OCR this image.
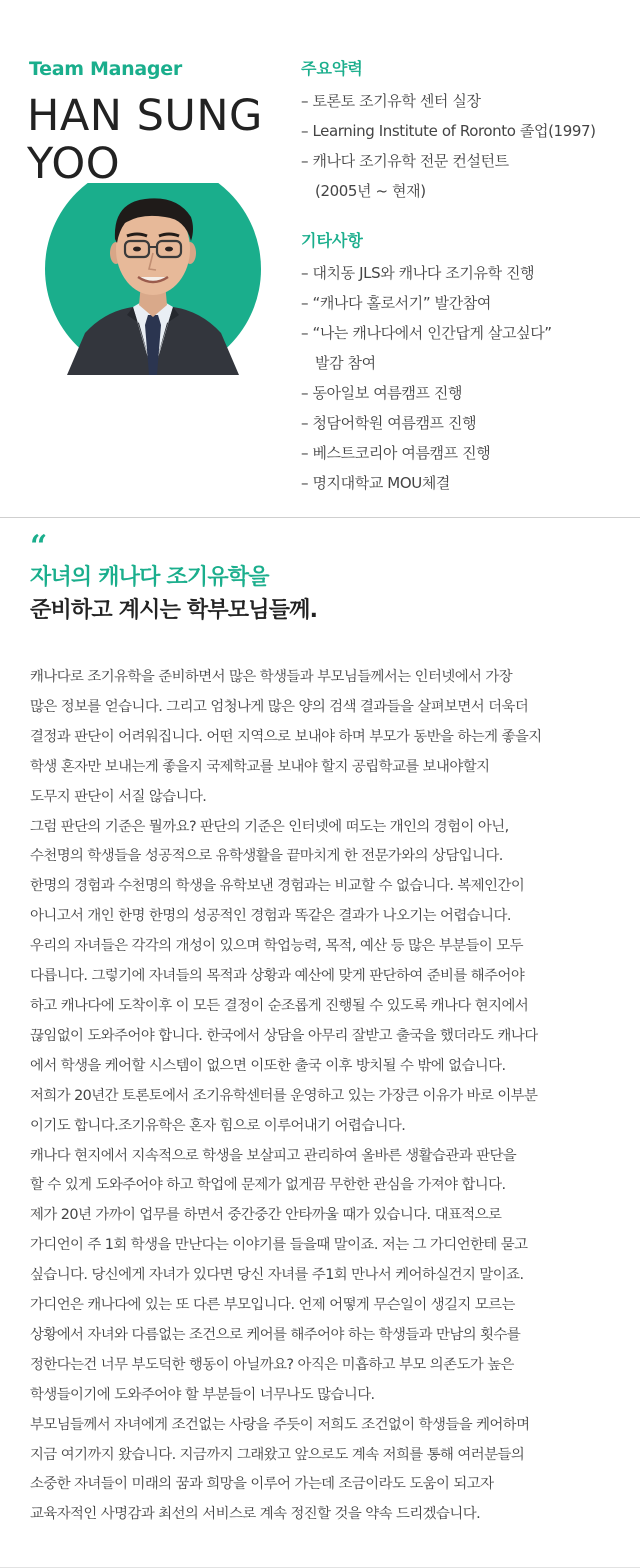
Team Manager
HAN SUNG
YOO
주요약력
– 토론토 조기유학 센터 실장
– Learning Institute of Roronto 졸업(1997)
– 캐나다 조기유학 전문 컨설턴트
(2005년 ~ 현재)
기타사항
– 대치동 JLS와 캐나다 조기유학 진행
– “캐나다 홀로서기” 발간참여
– “나는 캐나다에서 인간답게 살고싶다”
발감 참여
– 동아일보 여름캠프 진행
– 청담어학원 여름캠프 진행
– 베스트코리아 여름캠프 진행
– 명지대학교 MOU체결
“
자녀의 캐나다 조기유학을
준비하고 계시는 학부모님들께.

캐나다로 조기유학을 준비하면서 많은 학생들과 부모님들께서는 인터넷에서 가장

많은 정보를 얻습니다. 그리고 엄청나게 많은 양의 검색 결과들을 살펴보면서 더욱더

결정과 판단이 어려워집니다. 어떤 지역으로 보내야 하며 부모가 동반을 하는게 좋을지

학생 혼자만 보내는게 좋을지 국제학교를 보내야 할지 공립학교를 보내야할지

도무지 판단이 서질 않습니다.

그럼 판단의 기준은 뭘까요? 판단의 기준은 인터넷에 떠도는 개인의 경험이 아닌,

수천명의 학생들을 성공적으로 유학생활을 끝마치게 한 전문가와의 상담입니다.

한명의 경험과 수천명의 학생을 유학보낸 경험과는 비교할 수 없습니다. 복제인간이

아니고서 개인 한명 한명의 성공적인 경험과 똑같은 결과가 나오기는 어렵습니다.

우리의 자녀들은 각각의 개성이 있으며 학업능력, 목적, 예산 등 많은 부분들이 모두

다릅니다. 그렇기에 자녀들의 목적과 상황과 예산에 맞게 판단하여 준비를 해주어야

하고 캐나다에 도착이후 이 모든 결정이 순조롭게 진행될 수 있도록 캐나다 현지에서

끊임없이 도와주어야 합니다. 한국에서 상담을 아무리 잘받고 출국을 했더라도 캐나다

에서 학생을 케어할 시스템이 없으면 이또한 출국 이후 방치될 수 밖에 없습니다.

저희가 20년간 토론토에서 조기유학센터를 운영하고 있는 가장큰 이유가 바로 이부분

이기도 합니다.조기유학은 혼자 힘으로 이루어내기 어렵습니다.

캐나다 현지에서 지속적으로 학생을 보살피고 관리하여 올바른 생활습관과 판단을

할 수 있게 도와주어야 하고 학업에 문제가 없게끔 무한한 관심을 가져야 합니다.

제가 20년 가까이 업무를 하면서 중간중간 안타까울 때가 있습니다. 대표적으로

가디언이 주 1회 학생을 만난다는 이야기를 들을때 말이죠. 저는 그 가디언한테 묻고

싶습니다. 당신에게 자녀가 있다면 당신 자녀를 주1회 만나서 케어하실건지 말이죠.

가디언은 캐나다에 있는 또 다른 부모입니다. 언제 어떻게 무슨일이 생길지 모르는

상황에서 자녀와 다름없는 조건으로 케어를 해주어야 하는 학생들과 만남의 횟수를

정한다는건 너무 부도덕한 행동이 아닐까요? 아직은 미흡하고 부모 의존도가 높은

학생들이기에 도와주어야 할 부분들이 너무나도 많습니다.

부모님들께서 자녀에게 조건없는 사랑을 주듯이 저희도 조건없이 학생들을 케어하며

지금 여기까지 왔습니다. 지금까지 그래왔고 앞으로도 계속 저희를 통해 여러분들의

소중한 자녀들이 미래의 꿈과 희망을 이루어 가는데 조금이라도 도움이 되고자

교육자적인 사명감과 최선의 서비스로 계속 정진할 것을 약속 드리겠습니다.
